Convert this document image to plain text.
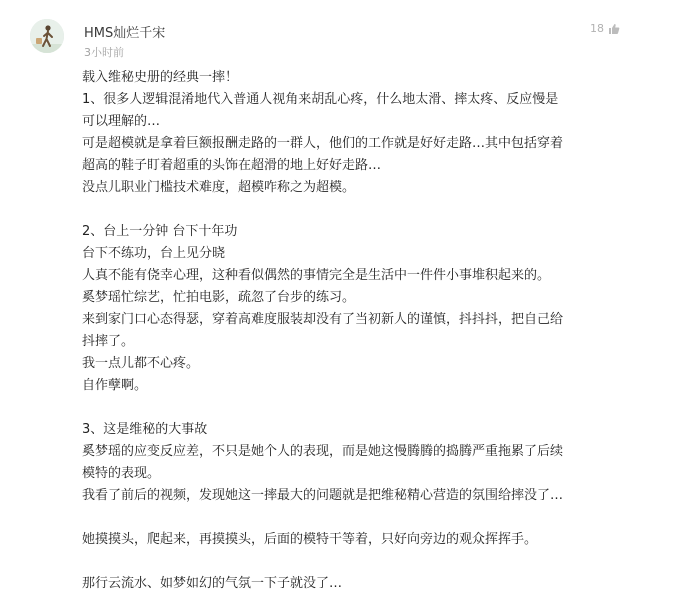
HMS灿烂千宋
3小时前
18
载入维秘史册的经典一摔！
1、很多人逻辑混淆地代入普通人视角来胡乱心疼，什么地太滑、摔太疼、反应慢是
可以理解的…
可是超模就是拿着巨额报酬走路的一群人，他们的工作就是好好走路…其中包括穿着
超高的鞋子盯着超重的头饰在超滑的地上好好走路…
没点儿职业门槛技术难度，超模咋称之为超模。
2、台上一分钟 台下十年功
台下不练功，台上见分晓
人真不能有侥幸心理，这种看似偶然的事情完全是生活中一件件小事堆积起来的。
奚梦瑶忙综艺，忙拍电影，疏忽了台步的练习。
来到家门口心态得瑟，穿着高难度服装却没有了当初新人的谨慎，抖抖抖，把自己给
抖摔了。
我一点儿都不心疼。
自作孽啊。
3、这是维秘的大事故
奚梦瑶的应变反应差，不只是她个人的表现，而是她这慢腾腾的捣腾严重拖累了后续
模特的表现。
我看了前后的视频，发现她这一摔最大的问题就是把维秘精心营造的氛围给摔没了…
她摸摸头，爬起来，再摸摸头，后面的模特干等着，只好向旁边的观众挥挥手。
那行云流水、如梦如幻的气氛一下子就没了…
